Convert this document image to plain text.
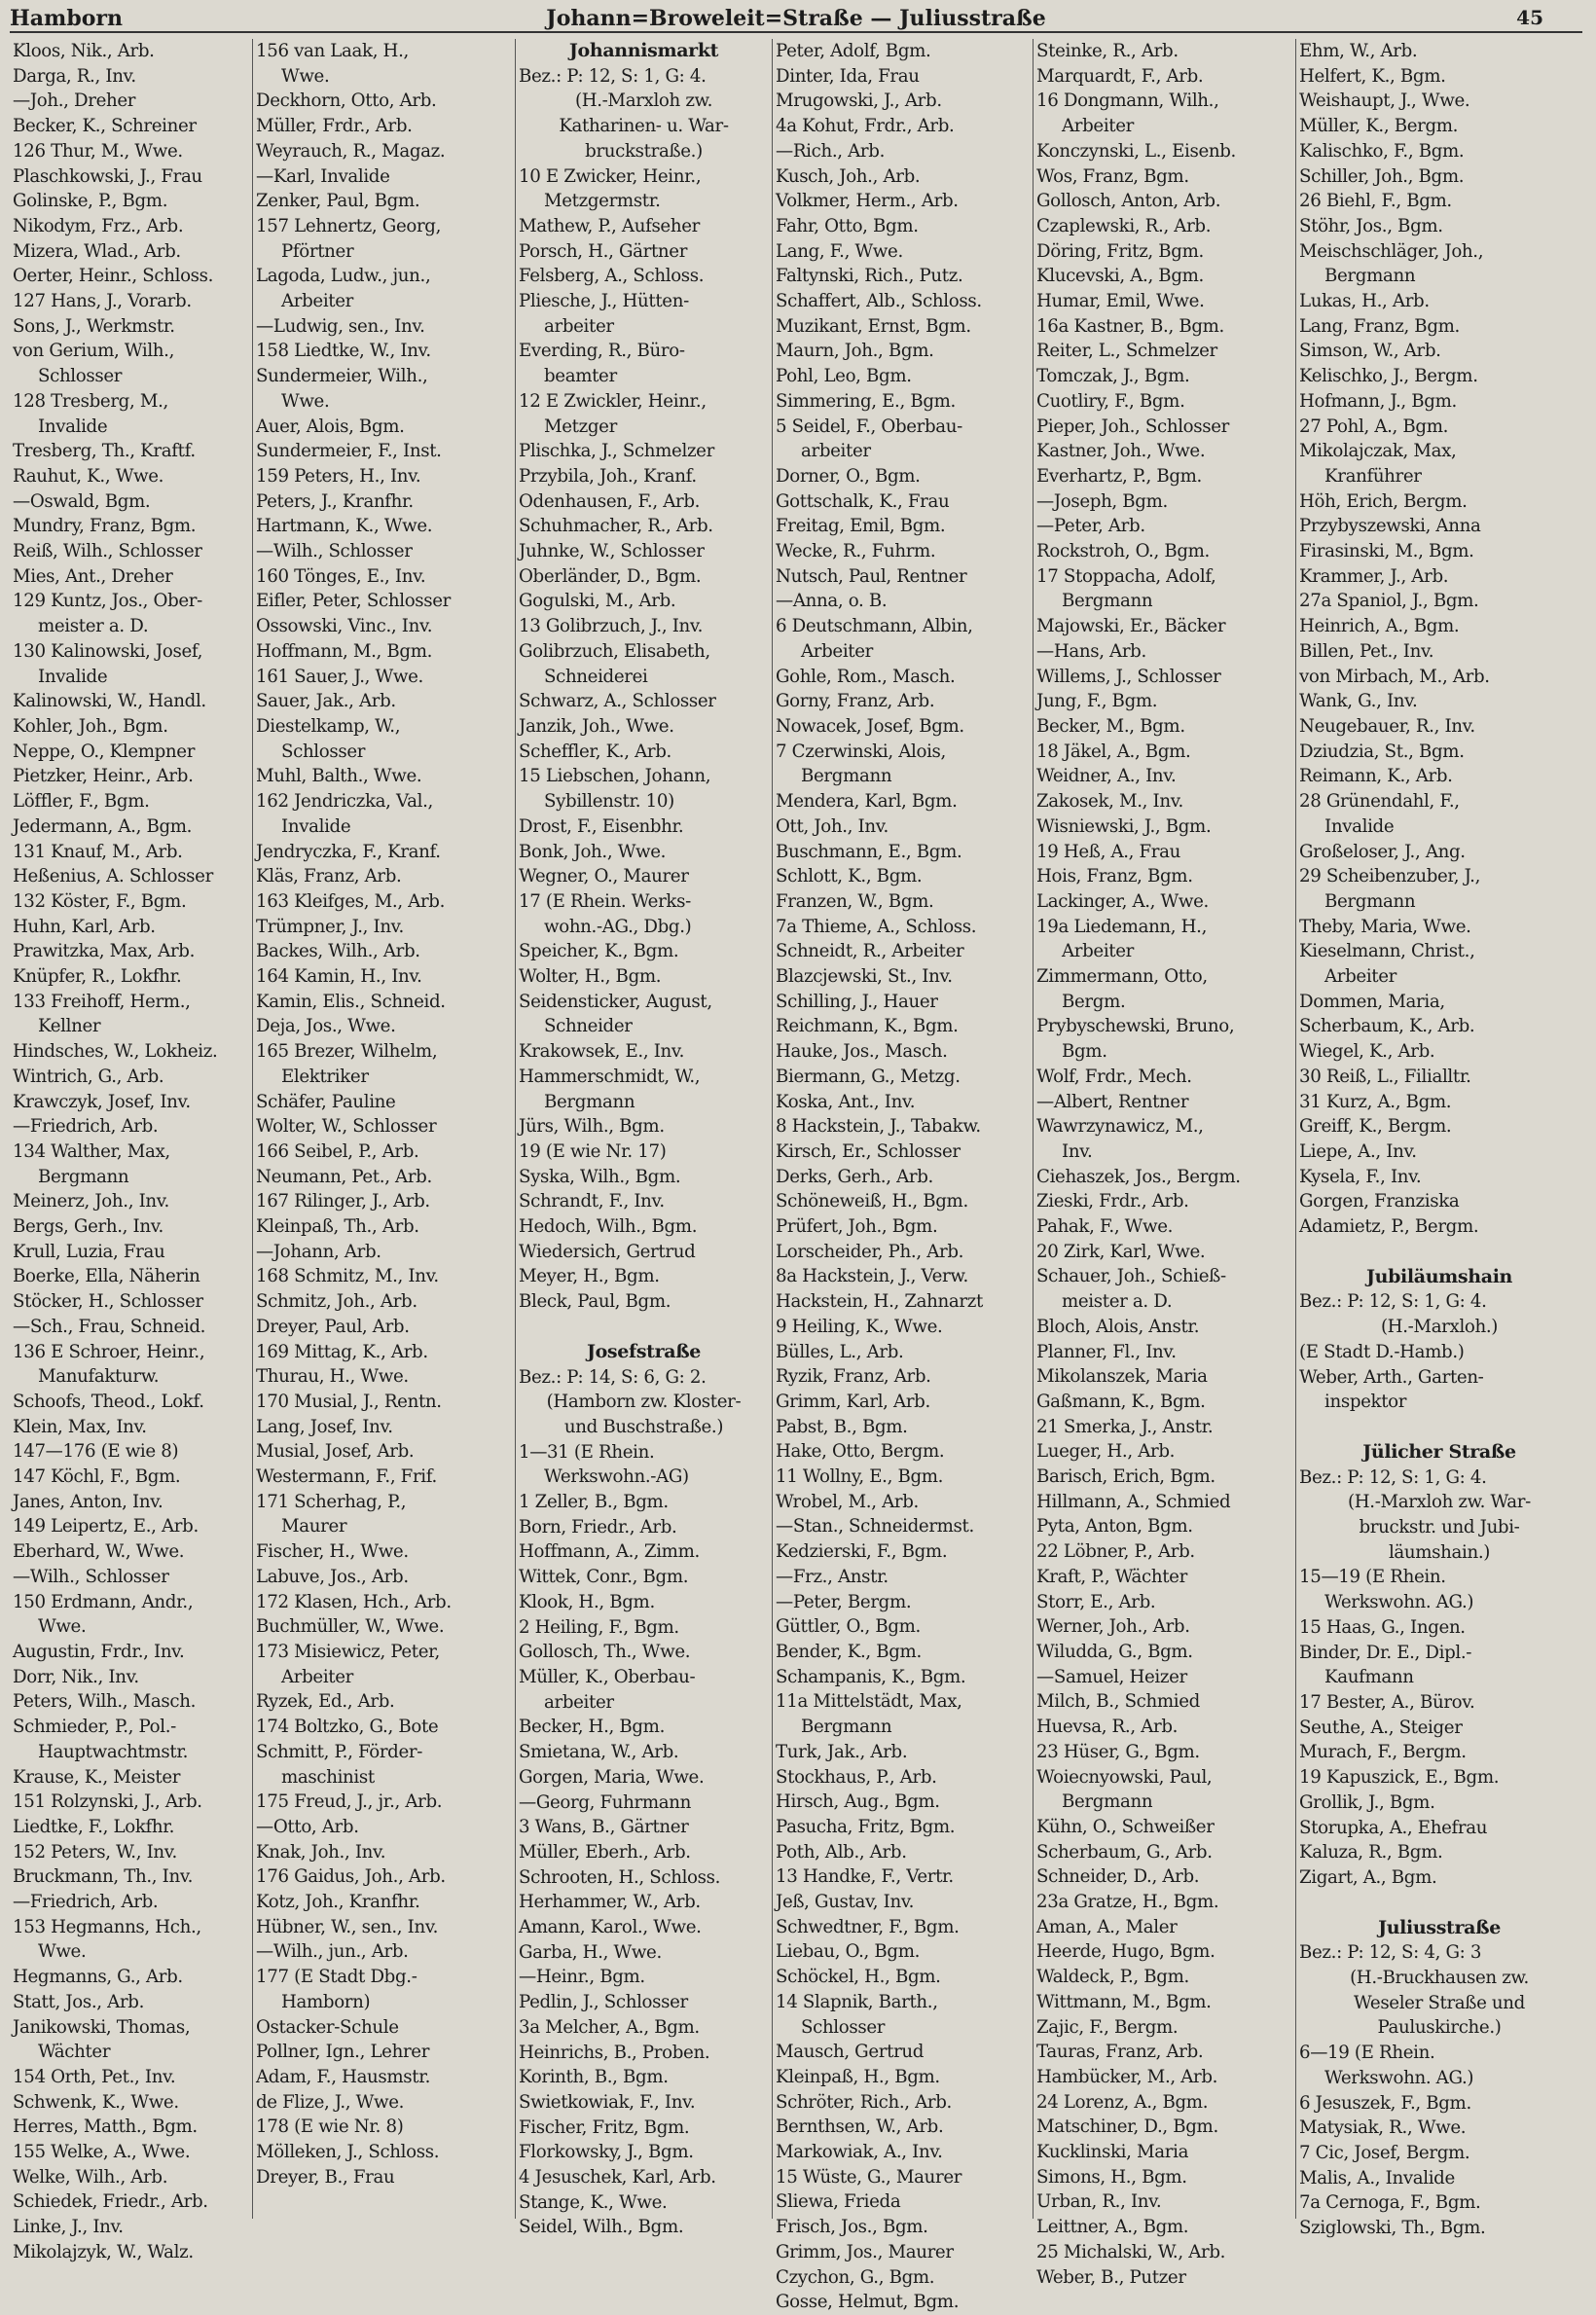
Hamborn	Johann=Broweleit=Straße — Juliusstraße	45
Kloos, Nik., Arb.
Darga, R., Inv.
—Joh., Dreher
Becker, K., Schreiner
126 Thur, M., Wwe.
Plaschkowski, J., Frau
Golinske, P., Bgm.
Nikodym, Frz., Arb.
Mizera, Wlad., Arb.
Oerter, Heinr., Schloss.
127 Hans, J., Vorarb.
Sons, J., Werkmstr.
von Gerium, Wilh.,
Schlosser
128 Tresberg, M.,
Invalide
Tresberg, Th., Kraftf.
Rauhut, K., Wwe.
—Oswald, Bgm.
Mundry, Franz, Bgm.
Reiß, Wilh., Schlosser
Mies, Ant., Dreher
129 Kuntz, Jos., Ober-
meister a. D.
130 Kalinowski, Josef,
Invalide
Kalinowski, W., Handl.
Kohler, Joh., Bgm.
Neppe, O., Klempner
Pietzker, Heinr., Arb.
Löffler, F., Bgm.
Jedermann, A., Bgm.
131 Knauf, M., Arb.
Heßenius, A. Schlosser
132 Köster, F., Bgm.
Huhn, Karl, Arb.
Prawitzka, Max, Arb.
Knüpfer, R., Lokfhr.
133 Freihoff, Herm.,
Kellner
Hindsches, W., Lokheiz.
Wintrich, G., Arb.
Krawczyk, Josef, Inv.
—Friedrich, Arb.
134 Walther, Max,
Bergmann
Meinerz, Joh., Inv.
Bergs, Gerh., Inv.
Krull, Luzia, Frau
Boerke, Ella, Näherin
Stöcker, H., Schlosser
—Sch., Frau, Schneid.
136 E Schroer, Heinr.,
Manufakturw.
Schoofs, Theod., Lokf.
Klein, Max, Inv.
147—176 (E wie 8)
147 Köchl, F., Bgm.
Janes, Anton, Inv.
149 Leipertz, E., Arb.
Eberhard, W., Wwe.
—Wilh., Schlosser
150 Erdmann, Andr.,
Wwe.
Augustin, Frdr., Inv.
Dorr, Nik., Inv.
Peters, Wilh., Masch.
Schmieder, P., Pol.-
Hauptwachtmstr.
Krause, K., Meister
151 Rolzynski, J., Arb.
Liedtke, F., Lokfhr.
152 Peters, W., Inv.
Bruckmann, Th., Inv.
—Friedrich, Arb.
153 Hegmanns, Hch.,
Wwe.
Hegmanns, G., Arb.
Statt, Jos., Arb.
Janikowski, Thomas,
Wächter
154 Orth, Pet., Inv.
Schwenk, K., Wwe.
Herres, Matth., Bgm.
155 Welke, A., Wwe.
Welke, Wilh., Arb.
Schiedek, Friedr., Arb.
Linke, J., Inv.
Mikolajzyk, W., Walz.
156 van Laak, H.,
Wwe.
Deckhorn, Otto, Arb.
Müller, Frdr., Arb.
Weyrauch, R., Magaz.
—Karl, Invalide
Zenker, Paul, Bgm.
157 Lehnertz, Georg,
Pförtner
Lagoda, Ludw., jun.,
Arbeiter
—Ludwig, sen., Inv.
158 Liedtke, W., Inv.
Sundermeier, Wilh.,
Wwe.
Auer, Alois, Bgm.
Sundermeier, F., Inst.
159 Peters, H., Inv.
Peters, J., Kranfhr.
Hartmann, K., Wwe.
—Wilh., Schlosser
160 Tönges, E., Inv.
Eifler, Peter, Schlosser
Ossowski, Vinc., Inv.
Hoffmann, M., Bgm.
161 Sauer, J., Wwe.
Sauer, Jak., Arb.
Diestelkamp, W.,
Schlosser
Muhl, Balth., Wwe.
162 Jendriczka, Val.,
Invalide
Jendryczka, F., Kranf.
Kläs, Franz, Arb.
163 Kleifges, M., Arb.
Trümpner, J., Inv.
Backes, Wilh., Arb.
164 Kamin, H., Inv.
Kamin, Elis., Schneid.
Deja, Jos., Wwe.
165 Brezer, Wilhelm,
Elektriker
Schäfer, Pauline
Wolter, W., Schlosser
166 Seibel, P., Arb.
Neumann, Pet., Arb.
167 Rilinger, J., Arb.
Kleinpaß, Th., Arb.
—Johann, Arb.
168 Schmitz, M., Inv.
Schmitz, Joh., Arb.
Dreyer, Paul, Arb.
169 Mittag, K., Arb.
Thurau, H., Wwe.
170 Musial, J., Rentn.
Lang, Josef, Inv.
Musial, Josef, Arb.
Westermann, F., Frif.
171 Scherhag, P.,
Maurer
Fischer, H., Wwe.
Labuve, Jos., Arb.
172 Klasen, Hch., Arb.
Buchmüller, W., Wwe.
173 Misiewicz, Peter,
Arbeiter
Ryzek, Ed., Arb.
174 Boltzko, G., Bote
Schmitt, P., Förder-
maschinist
175 Freud, J., jr., Arb.
—Otto, Arb.
Knak, Joh., Inv.
176 Gaidus, Joh., Arb.
Kotz, Joh., Kranfhr.
Hübner, W., sen., Inv.
—Wilh., jun., Arb.
177 (E Stadt Dbg.-
Hamborn)
Ostacker-Schule
Pollner, Ign., Lehrer
Adam, F., Hausmstr.
de Flize, J., Wwe.
178 (E wie Nr. 8)
Mölleken, J., Schloss.
Dreyer, B., Frau
Johannismarkt
Bez.: P: 12, S: 1, G: 4.
(H.-Marxloh zw.
Katharinen- u. War-
bruckstraße.)
10 E Zwicker, Heinr.,
Metzgermstr.
Mathew, P., Aufseher
Porsch, H., Gärtner
Felsberg, A., Schloss.
Pliesche, J., Hütten-
arbeiter
Everding, R., Büro-
beamter
12 E Zwickler, Heinr.,
Metzger
Plischka, J., Schmelzer
Przybila, Joh., Kranf.
Odenhausen, F., Arb.
Schuhmacher, R., Arb.
Juhnke, W., Schlosser
Oberländer, D., Bgm.
Gogulski, M., Arb.
13 Golibrzuch, J., Inv.
Golibrzuch, Elisabeth,
Schneiderei
Schwarz, A., Schlosser
Janzik, Joh., Wwe.
Scheffler, K., Arb.
15 Liebschen, Johann,
Sybillenstr. 10)
Drost, F., Eisenbhr.
Bonk, Joh., Wwe.
Wegner, O., Maurer
17 (E Rhein. Werks-
wohn.-AG., Dbg.)
Speicher, K., Bgm.
Wolter, H., Bgm.
Seidensticker, August,
Schneider
Krakowsek, E., Inv.
Hammerschmidt, W.,
Bergmann
Jürs, Wilh., Bgm.
19 (E wie Nr. 17)
Syska, Wilh., Bgm.
Schrandt, F., Inv.
Hedoch, Wilh., Bgm.
Wiedersich, Gertrud
Meyer, H., Bgm.
Bleck, Paul, Bgm.
Josefstraße
Bez.: P: 14, S: 6, G: 2.
(Hamborn zw. Kloster-
und Buschstraße.)
1—31 (E Rhein.
Werkswohn.-AG)
1 Zeller, B., Bgm.
Born, Friedr., Arb.
Hoffmann, A., Zimm.
Wittek, Conr., Bgm.
Klook, H., Bgm.
2 Heiling, F., Bgm.
Gollosch, Th., Wwe.
Müller, K., Oberbau-
arbeiter
Becker, H., Bgm.
Smietana, W., Arb.
Gorgen, Maria, Wwe.
—Georg, Fuhrmann
3 Wans, B., Gärtner
Müller, Eberh., Arb.
Schrooten, H., Schloss.
Herhammer, W., Arb.
Amann, Karol., Wwe.
Garba, H., Wwe.
—Heinr., Bgm.
Pedlin, J., Schlosser
3a Melcher, A., Bgm.
Heinrichs, B., Proben.
Korinth, B., Bgm.
Swietkowiak, F., Inv.
Fischer, Fritz, Bgm.
Florkowsky, J., Bgm.
4 Jesuschek, Karl, Arb.
Stange, K., Wwe.
Seidel, Wilh., Bgm.
Peter, Adolf, Bgm.
Dinter, Ida, Frau
Mrugowski, J., Arb.
4a Kohut, Frdr., Arb.
—Rich., Arb.
Kusch, Joh., Arb.
Volkmer, Herm., Arb.
Fahr, Otto, Bgm.
Lang, F., Wwe.
Faltynski, Rich., Putz.
Schaffert, Alb., Schloss.
Muzikant, Ernst, Bgm.
Maurn, Joh., Bgm.
Pohl, Leo, Bgm.
Simmering, E., Bgm.
5 Seidel, F., Oberbau-
arbeiter
Dorner, O., Bgm.
Gottschalk, K., Frau
Freitag, Emil, Bgm.
Wecke, R., Fuhrm.
Nutsch, Paul, Rentner
—Anna, o. B.
6 Deutschmann, Albin,
Arbeiter
Gohle, Rom., Masch.
Gorny, Franz, Arb.
Nowacek, Josef, Bgm.
7 Czerwinski, Alois,
Bergmann
Mendera, Karl, Bgm.
Ott, Joh., Inv.
Buschmann, E., Bgm.
Schlott, K., Bgm.
Franzen, W., Bgm.
7a Thieme, A., Schloss.
Schneidt, R., Arbeiter
Blazcjewski, St., Inv.
Schilling, J., Hauer
Reichmann, K., Bgm.
Hauke, Jos., Masch.
Biermann, G., Metzg.
Koska, Ant., Inv.
8 Hackstein, J., Tabakw.
Kirsch, Er., Schlosser
Derks, Gerh., Arb.
Schöneweiß, H., Bgm.
Prüfert, Joh., Bgm.
Lorscheider, Ph., Arb.
8a Hackstein, J., Verw.
Hackstein, H., Zahnarzt
9 Heiling, K., Wwe.
Bülles, L., Arb.
Ryzik, Franz, Arb.
Grimm, Karl, Arb.
Pabst, B., Bgm.
Hake, Otto, Bergm.
11 Wollny, E., Bgm.
Wrobel, M., Arb.
—Stan., Schneidermst.
Kedzierski, F., Bgm.
—Frz., Anstr.
—Peter, Bergm.
Güttler, O., Bgm.
Bender, K., Bgm.
Schampanis, K., Bgm.
11a Mittelstädt, Max,
Bergmann
Turk, Jak., Arb.
Stockhaus, P., Arb.
Hirsch, Aug., Bgm.
Pasucha, Fritz, Bgm.
Poth, Alb., Arb.
13 Handke, F., Vertr.
Jeß, Gustav, Inv.
Schwedtner, F., Bgm.
Liebau, O., Bgm.
Schöckel, H., Bgm.
14 Slapnik, Barth.,
Schlosser
Mausch, Gertrud
Kleinpaß, H., Bgm.
Schröter, Rich., Arb.
Bernthsen, W., Arb.
Markowiak, A., Inv.
15 Wüste, G., Maurer
Sliewa, Frieda
Frisch, Jos., Bgm.
Grimm, Jos., Maurer
Czychon, G., Bgm.
Gosse, Helmut, Bgm.
Steinke, R., Arb.
Marquardt, F., Arb.
16 Dongmann, Wilh.,
Arbeiter
Konczynski, L., Eisenb.
Wos, Franz, Bgm.
Gollosch, Anton, Arb.
Czaplewski, R., Arb.
Döring, Fritz, Bgm.
Klucevski, A., Bgm.
Humar, Emil, Wwe.
16a Kastner, B., Bgm.
Reiter, L., Schmelzer
Tomczak, J., Bgm.
Cuotliry, F., Bgm.
Pieper, Joh., Schlosser
Kastner, Joh., Wwe.
Everhartz, P., Bgm.
—Joseph, Bgm.
—Peter, Arb.
Rockstroh, O., Bgm.
17 Stoppacha, Adolf,
Bergmann
Majowski, Er., Bäcker
—Hans, Arb.
Willems, J., Schlosser
Jung, F., Bgm.
Becker, M., Bgm.
18 Jäkel, A., Bgm.
Weidner, A., Inv.
Zakosek, M., Inv.
Wisniewski, J., Bgm.
19 Heß, A., Frau
Hois, Franz, Bgm.
Lackinger, A., Wwe.
19a Liedemann, H.,
Arbeiter
Zimmermann, Otto,
Bergm.
Prybyschewski, Bruno,
Bgm.
Wolf, Frdr., Mech.
—Albert, Rentner
Wawrzynawicz, M.,
Inv.
Ciehaszek, Jos., Bergm.
Zieski, Frdr., Arb.
Pahak, F., Wwe.
20 Zirk, Karl, Wwe.
Schauer, Joh., Schieß-
meister a. D.
Bloch, Alois, Anstr.
Planner, Fl., Inv.
Mikolanszek, Maria
Gaßmann, K., Bgm.
21 Smerka, J., Anstr.
Lueger, H., Arb.
Barisch, Erich, Bgm.
Hillmann, A., Schmied
Pyta, Anton, Bgm.
22 Löbner, P., Arb.
Kraft, P., Wächter
Storr, E., Arb.
Werner, Joh., Arb.
Wiludda, G., Bgm.
—Samuel, Heizer
Milch, B., Schmied
Huevsa, R., Arb.
23 Hüser, G., Bgm.
Woiecnyowski, Paul,
Bergmann
Kühn, O., Schweißer
Scherbaum, G., Arb.
Schneider, D., Arb.
23a Gratze, H., Bgm.
Aman, A., Maler
Heerde, Hugo, Bgm.
Waldeck, P., Bgm.
Wittmann, M., Bgm.
Zajic, F., Bergm.
Tauras, Franz, Arb.
Hambücker, M., Arb.
24 Lorenz, A., Bgm.
Matschiner, D., Bgm.
Kucklinski, Maria
Simons, H., Bgm.
Urban, R., Inv.
Leittner, A., Bgm.
25 Michalski, W., Arb.
Weber, B., Putzer
Ehm, W., Arb.
Helfert, K., Bgm.
Weishaupt, J., Wwe.
Müller, K., Bergm.
Kalischko, F., Bgm.
Schiller, Joh., Bgm.
26 Biehl, F., Bgm.
Stöhr, Jos., Bgm.
Meischschläger, Joh.,
Bergmann
Lukas, H., Arb.
Lang, Franz, Bgm.
Simson, W., Arb.
Kelischko, J., Bergm.
Hofmann, J., Bgm.
27 Pohl, A., Bgm.
Mikolajczak, Max,
Kranführer
Höh, Erich, Bergm.
Przybyszewski, Anna
Firasinski, M., Bgm.
Krammer, J., Arb.
27a Spaniol, J., Bgm.
Heinrich, A., Bgm.
Billen, Pet., Inv.
von Mirbach, M., Arb.
Wank, G., Inv.
Neugebauer, R., Inv.
Dziudzia, St., Bgm.
Reimann, K., Arb.
28 Grünendahl, F.,
Invalide
Großeloser, J., Ang.
29 Scheibenzuber, J.,
Bergmann
Theby, Maria, Wwe.
Kieselmann, Christ.,
Arbeiter
Dommen, Maria,
Scherbaum, K., Arb.
Wiegel, K., Arb.
30 Reiß, L., Filialltr.
31 Kurz, A., Bgm.
Greiff, K., Bergm.
Liepe, A., Inv.
Kysela, F., Inv.
Gorgen, Franziska
Adamietz, P., Bergm.
Jubiläumshain
Bez.: P: 12, S: 1, G: 4.
(H.-Marxloh.)
(E Stadt D.-Hamb.)
Weber, Arth., Garten-
inspektor
Jülicher Straße
Bez.: P: 12, S: 1, G: 4.
(H.-Marxloh zw. War-
bruckstr. und Jubi-
läumshain.)
15—19 (E Rhein.
Werkswohn. AG.)
15 Haas, G., Ingen.
Binder, Dr. E., Dipl.-
Kaufmann
17 Bester, A., Bürov.
Seuthe, A., Steiger
Murach, F., Bergm.
19 Kapuszick, E., Bgm.
Grollik, J., Bgm.
Storupka, A., Ehefrau
Kaluza, R., Bgm.
Zigart, A., Bgm.
Juliusstraße
Bez.: P: 12, S: 4, G: 3
(H.-Bruckhausen zw.
Weseler Straße und
Pauluskirche.)
6—19 (E Rhein.
Werkswohn. AG.)
6 Jesuszek, F., Bgm.
Matysiak, R., Wwe.
7 Cic, Josef, Bergm.
Malis, A., Invalide
7a Cernoga, F., Bgm.
Sziglowski, Th., Bgm.
